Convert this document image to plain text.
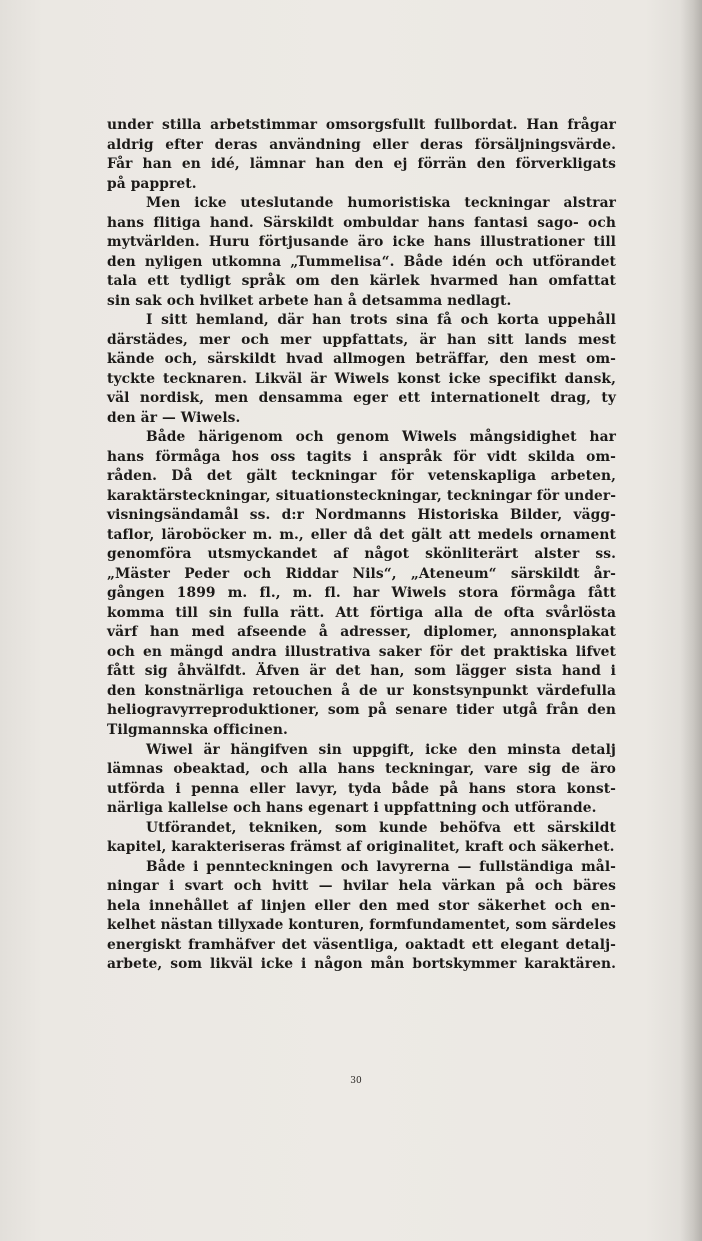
under stilla arbetstimmar omsorgsfullt fullbordat. Han frågar
aldrig efter deras användning eller deras försäljningsvärde.
Får han en idé, lämnar han den ej förrän den förverkligats
på pappret.
Men icke uteslutande humoristiska teckningar alstrar
hans flitiga hand. Särskildt ombuldar hans fantasi sago- och
mytvärlden. Huru förtjusande äro icke hans illustrationer till
den nyligen utkomna „Tummelisa“. Både idén och utförandet
tala ett tydligt språk om den kärlek hvarmed han omfattat
sin sak och hvilket arbete han å detsamma nedlagt.
I sitt hemland, där han trots sina få och korta uppehåll
därstädes, mer och mer uppfattats, är han sitt lands mest
kände och, särskildt hvad allmogen beträffar, den mest om-
tyckte tecknaren. Likväl är Wiwels konst icke specifikt dansk,
väl nordisk, men densamma eger ett internationelt drag, ty
den är — Wiwels.
Både härigenom och genom Wiwels mångsidighet har
hans förmåga hos oss tagits i anspråk för vidt skilda om-
råden. Då det gält teckningar för vetenskapliga arbeten,
karaktärsteckningar, situationsteckningar, teckningar för under-
visningsändamål ss. d:r Nordmanns Historiska Bilder, vägg-
taflor, läroböcker m. m., eller då det gält att medels ornament
genomföra utsmyckandet af något skönliterärt alster ss.
„Mäster Peder och Riddar Nils“, „Ateneum“ särskildt år-
gången 1899 m. fl., m. fl. har Wiwels stora förmåga fått
komma till sin fulla rätt. Att förtiga alla de ofta svårlösta
värf han med afseende å adresser, diplomer, annonsplakat
och en mängd andra illustrativa saker för det praktiska lifvet
fått sig åhvälfdt. Äfven är det han, som lägger sista hand i
den konstnärliga retouchen å de ur konstsynpunkt värdefulla
heliogravyrreproduktioner, som på senare tider utgå från den
Tilgmannska officinen.
Wiwel är hängifven sin uppgift, icke den minsta detalj
lämnas obeaktad, och alla hans teckningar, vare sig de äro
utförda i penna eller lavyr, tyda både på hans stora konst-
närliga kallelse och hans egenart i uppfattning och utförande.
Utförandet, tekniken, som kunde behöfva ett särskildt
kapitel, karakteriseras främst af originalitet, kraft och säkerhet.
Både i pennteckningen och lavyrerna — fullständiga mål-
ningar i svart och hvitt — hvilar hela värkan på och bäres
hela innehållet af linjen eller den med stor säkerhet och en-
kelhet nästan tillyxade konturen, formfundamentet, som särdeles
energiskt framhäfver det väsentliga, oaktadt ett elegant detalj-
arbete, som likväl icke i någon mån bortskymmer karaktären.
30
